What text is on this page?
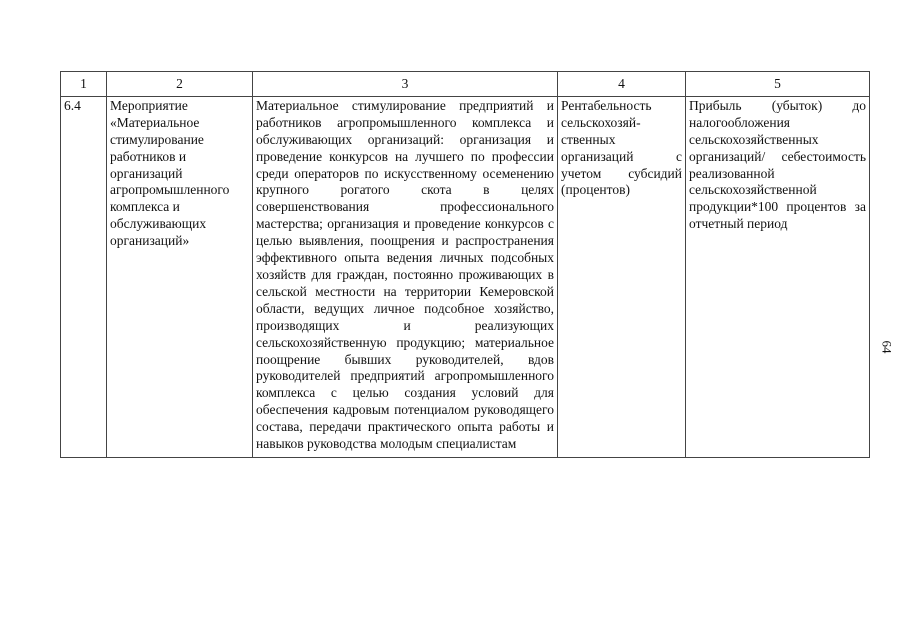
1	2	3	4	5
6.4	Мероприятие «Материальное стимулирование работников и организаций агропромышленного комплекса и обслуживающих организаций»	Материальное стимулирование предприятий и работников агропромышленного комплекса и обслуживающих организаций: организация и проведение конкурсов на лучшего по профессии среди операторов по искусственному осеменению крупного рогатого скота в целях совершенствования профессионального мастерства; организация и проведение конкурсов с целью выявления, поощрения и распространения эффективного опыта ведения личных подсобных хозяйств для граждан, постоянно проживающих в сельской местности на территории Кемеровской области, ведущих личное подсобное хозяйство, производящих и реализующих сельскохозяйственную продукцию; материальное поощрение бывших руководителей, вдов руководителей предприятий агропромышленного комплекса с целью создания условий для обеспечения кадровым потенциалом руководящего состава, передачи практического опыта работы и навыков руководства молодым специалистам	Рентабельность сельскохозяй-ственных организаций с учетом субсидий (процентов)	Прибыль (убыток) до налогообложения сельскохозяйственных организаций/ себестоимость реализованной сельскохозяйственной продукции*100 процентов за отчетный период
64
